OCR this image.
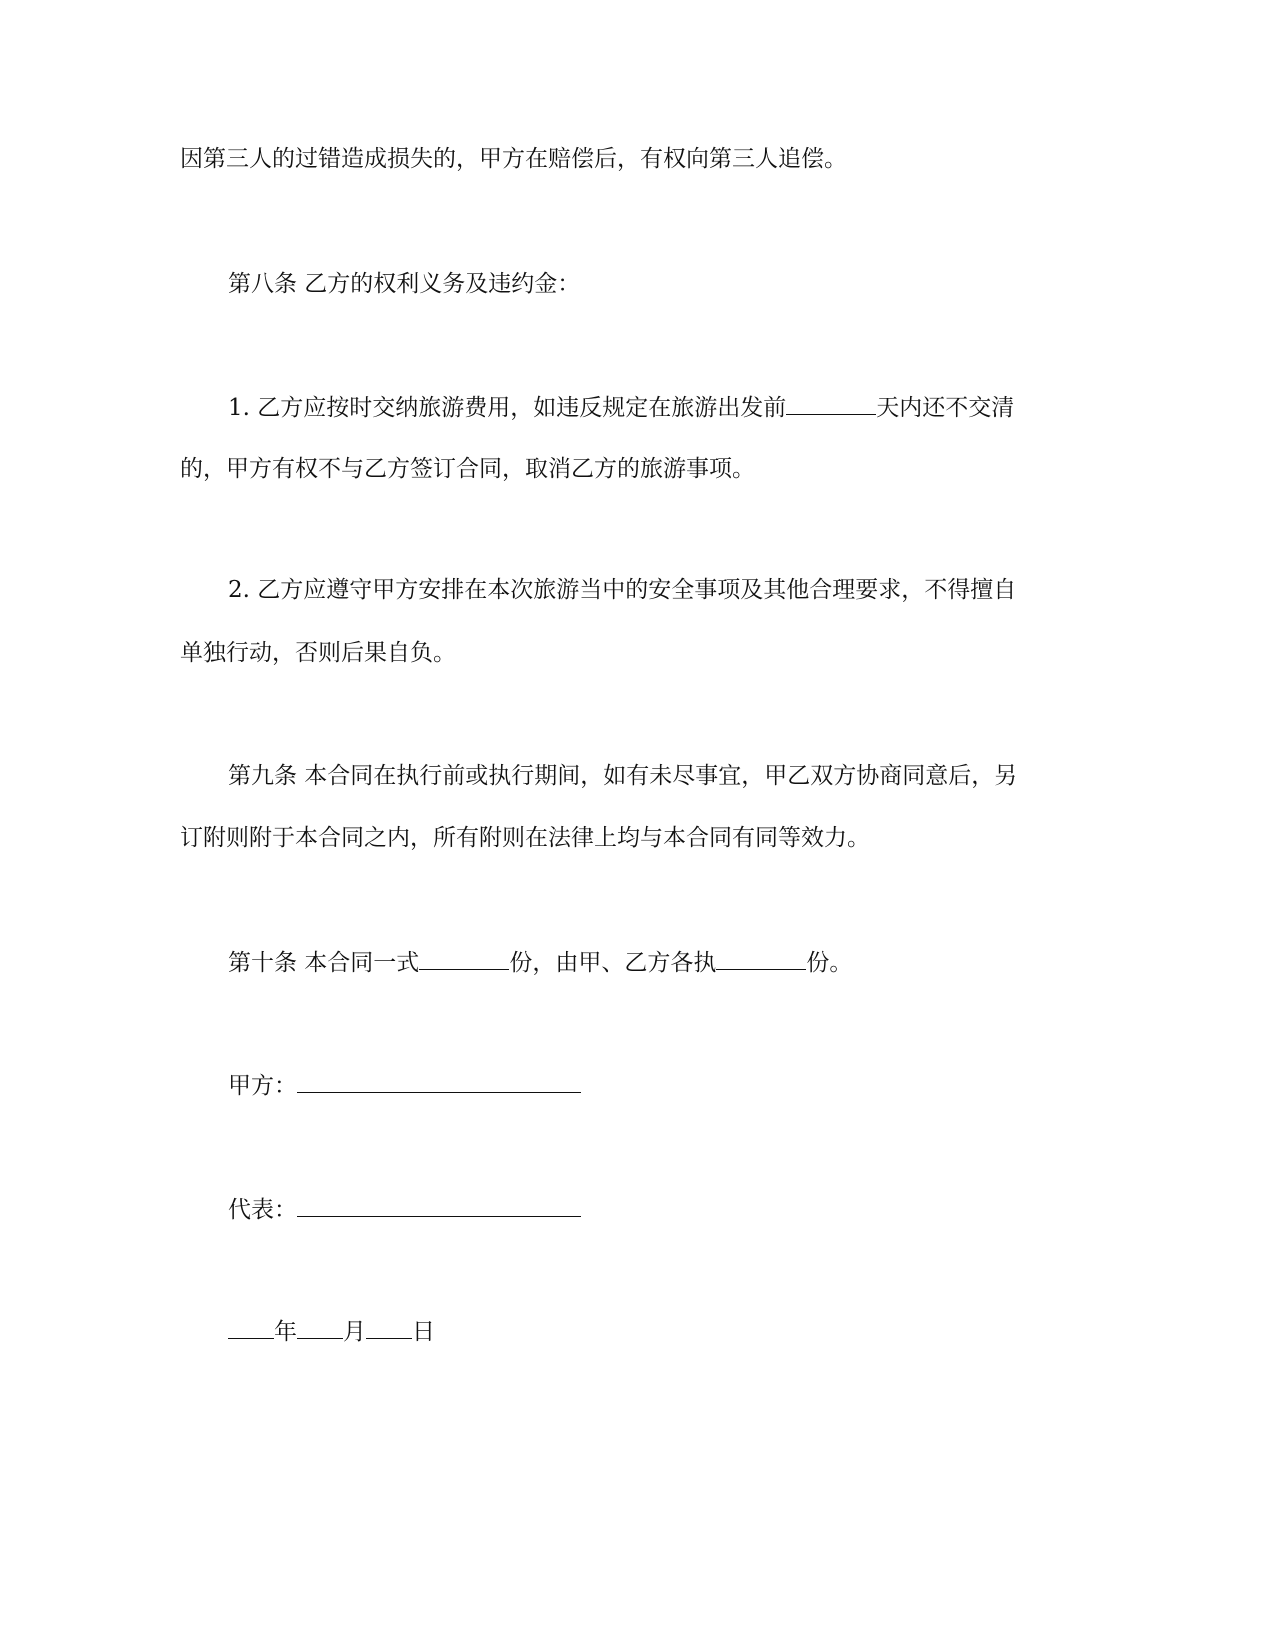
因第三人的过错造成损失的，甲方在赔偿后，有权向第三人追偿。
第八条 乙方的权利义务及违约金：
1. 乙方应按时交纳旅游费用，如违反规定在旅游出发前	天内还不交清
的，甲方有权不与乙方签订合同，取消乙方的旅游事项。
2. 乙方应遵守甲方安排在本次旅游当中的安全事项及其他合理要求，不得擅自
单独行动，否则后果自负。
第九条 本合同在执行前或执行期间，如有未尽事宜，甲乙双方协商同意后，另
订附则附于本合同之内，所有附则在法律上均与本合同有同等效力。
第十条 本合同一式	份，由甲、乙方各执	份。
甲方：
代表：
年 月 日
